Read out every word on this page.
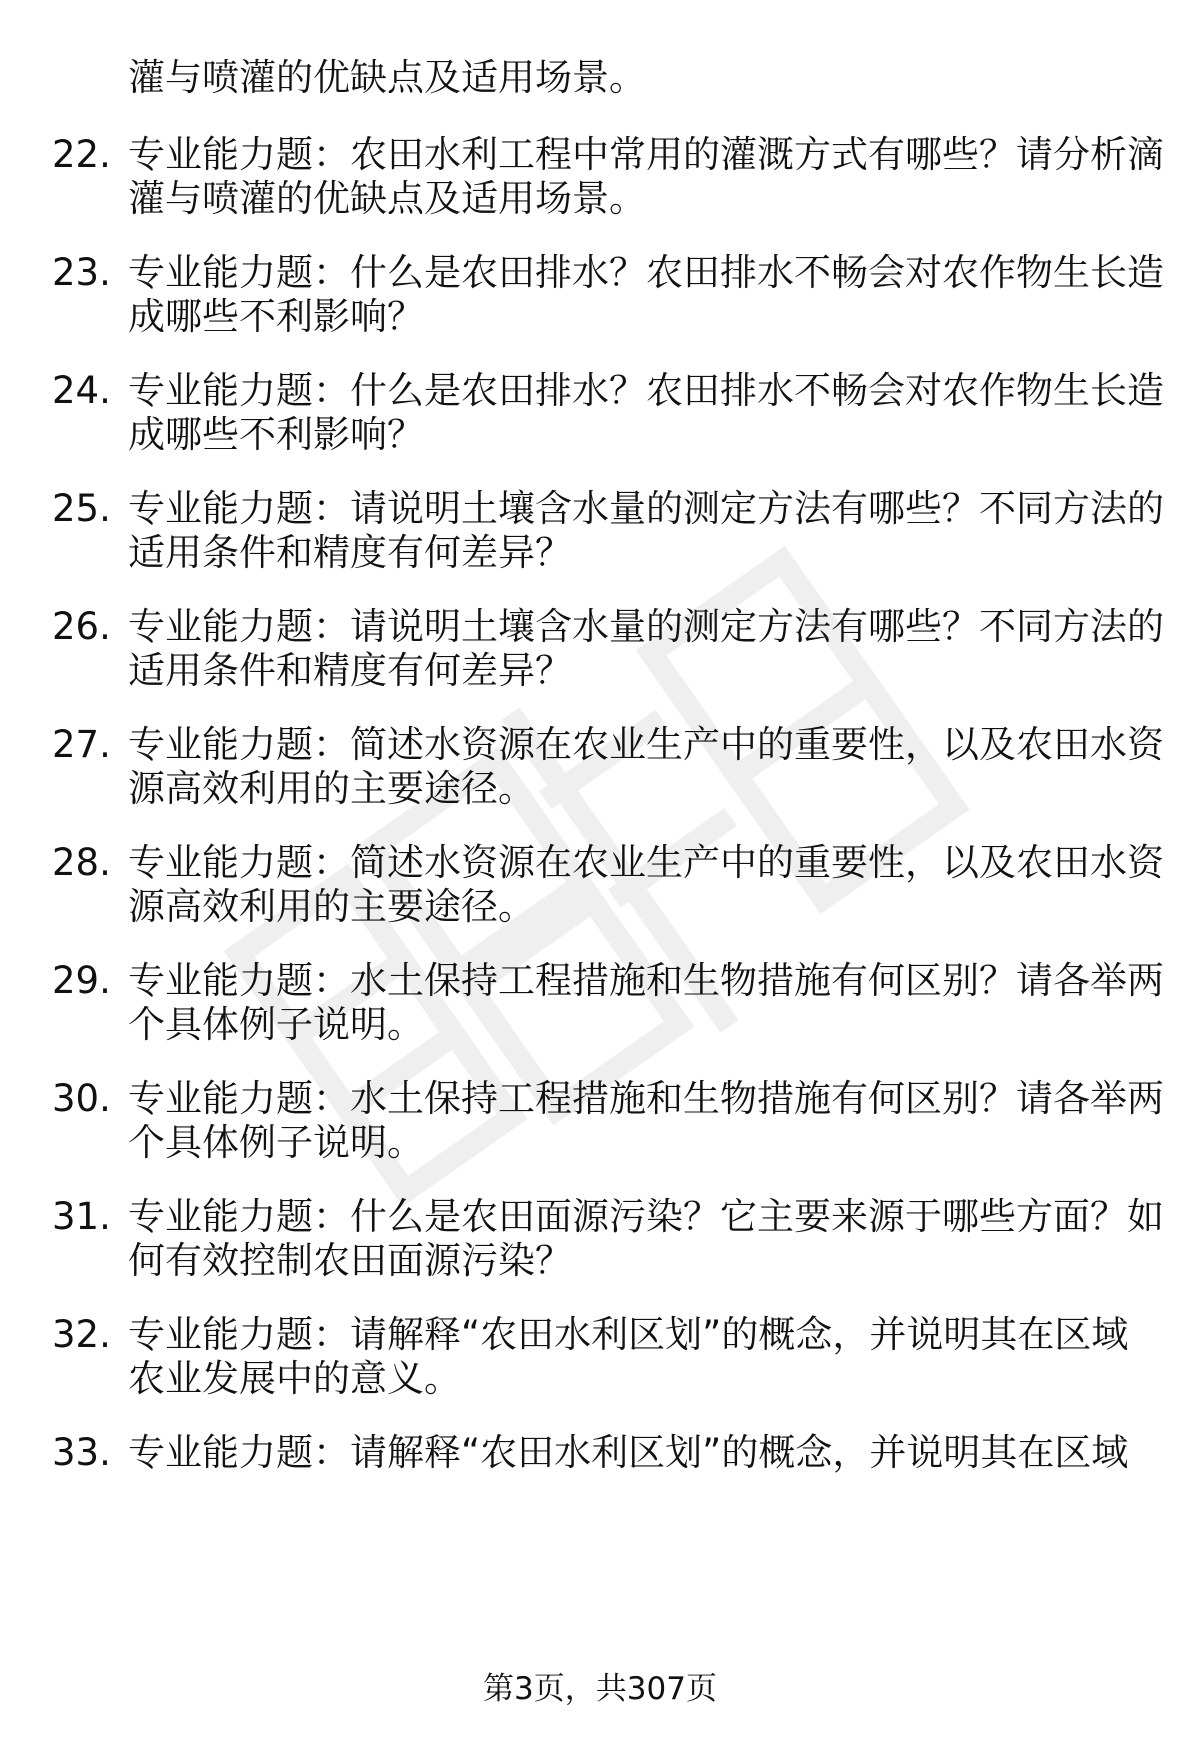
灌与喷灌的优缺点及适用场景。
22. 专业能力题：农田水利工程中常用的灌溉方式有哪些？请分析滴
灌与喷灌的优缺点及适用场景。
23. 专业能力题：什么是农田排水？农田排水不畅会对农作物生长造
成哪些不利影响？
24. 专业能力题：什么是农田排水？农田排水不畅会对农作物生长造
成哪些不利影响？
25. 专业能力题：请说明土壤含水量的测定方法有哪些？不同方法的
适用条件和精度有何差异？
26. 专业能力题：请说明土壤含水量的测定方法有哪些？不同方法的
适用条件和精度有何差异？
27. 专业能力题：简述水资源在农业生产中的重要性，以及农田水资
源高效利用的主要途径。
28. 专业能力题：简述水资源在农业生产中的重要性，以及农田水资
源高效利用的主要途径。
29. 专业能力题：水土保持工程措施和生物措施有何区别？请各举两
个具体例子说明。
30. 专业能力题：水土保持工程措施和生物措施有何区别？请各举两
个具体例子说明。
31. 专业能力题：什么是农田面源污染？它主要来源于哪些方面？如
何有效控制农田面源污染？
32. 专业能力题：请解释“农田水利区划”的概念，并说明其在区域
农业发展中的意义。
33. 专业能力题：请解释“农田水利区划”的概念，并说明其在区域
第3页，共307页
